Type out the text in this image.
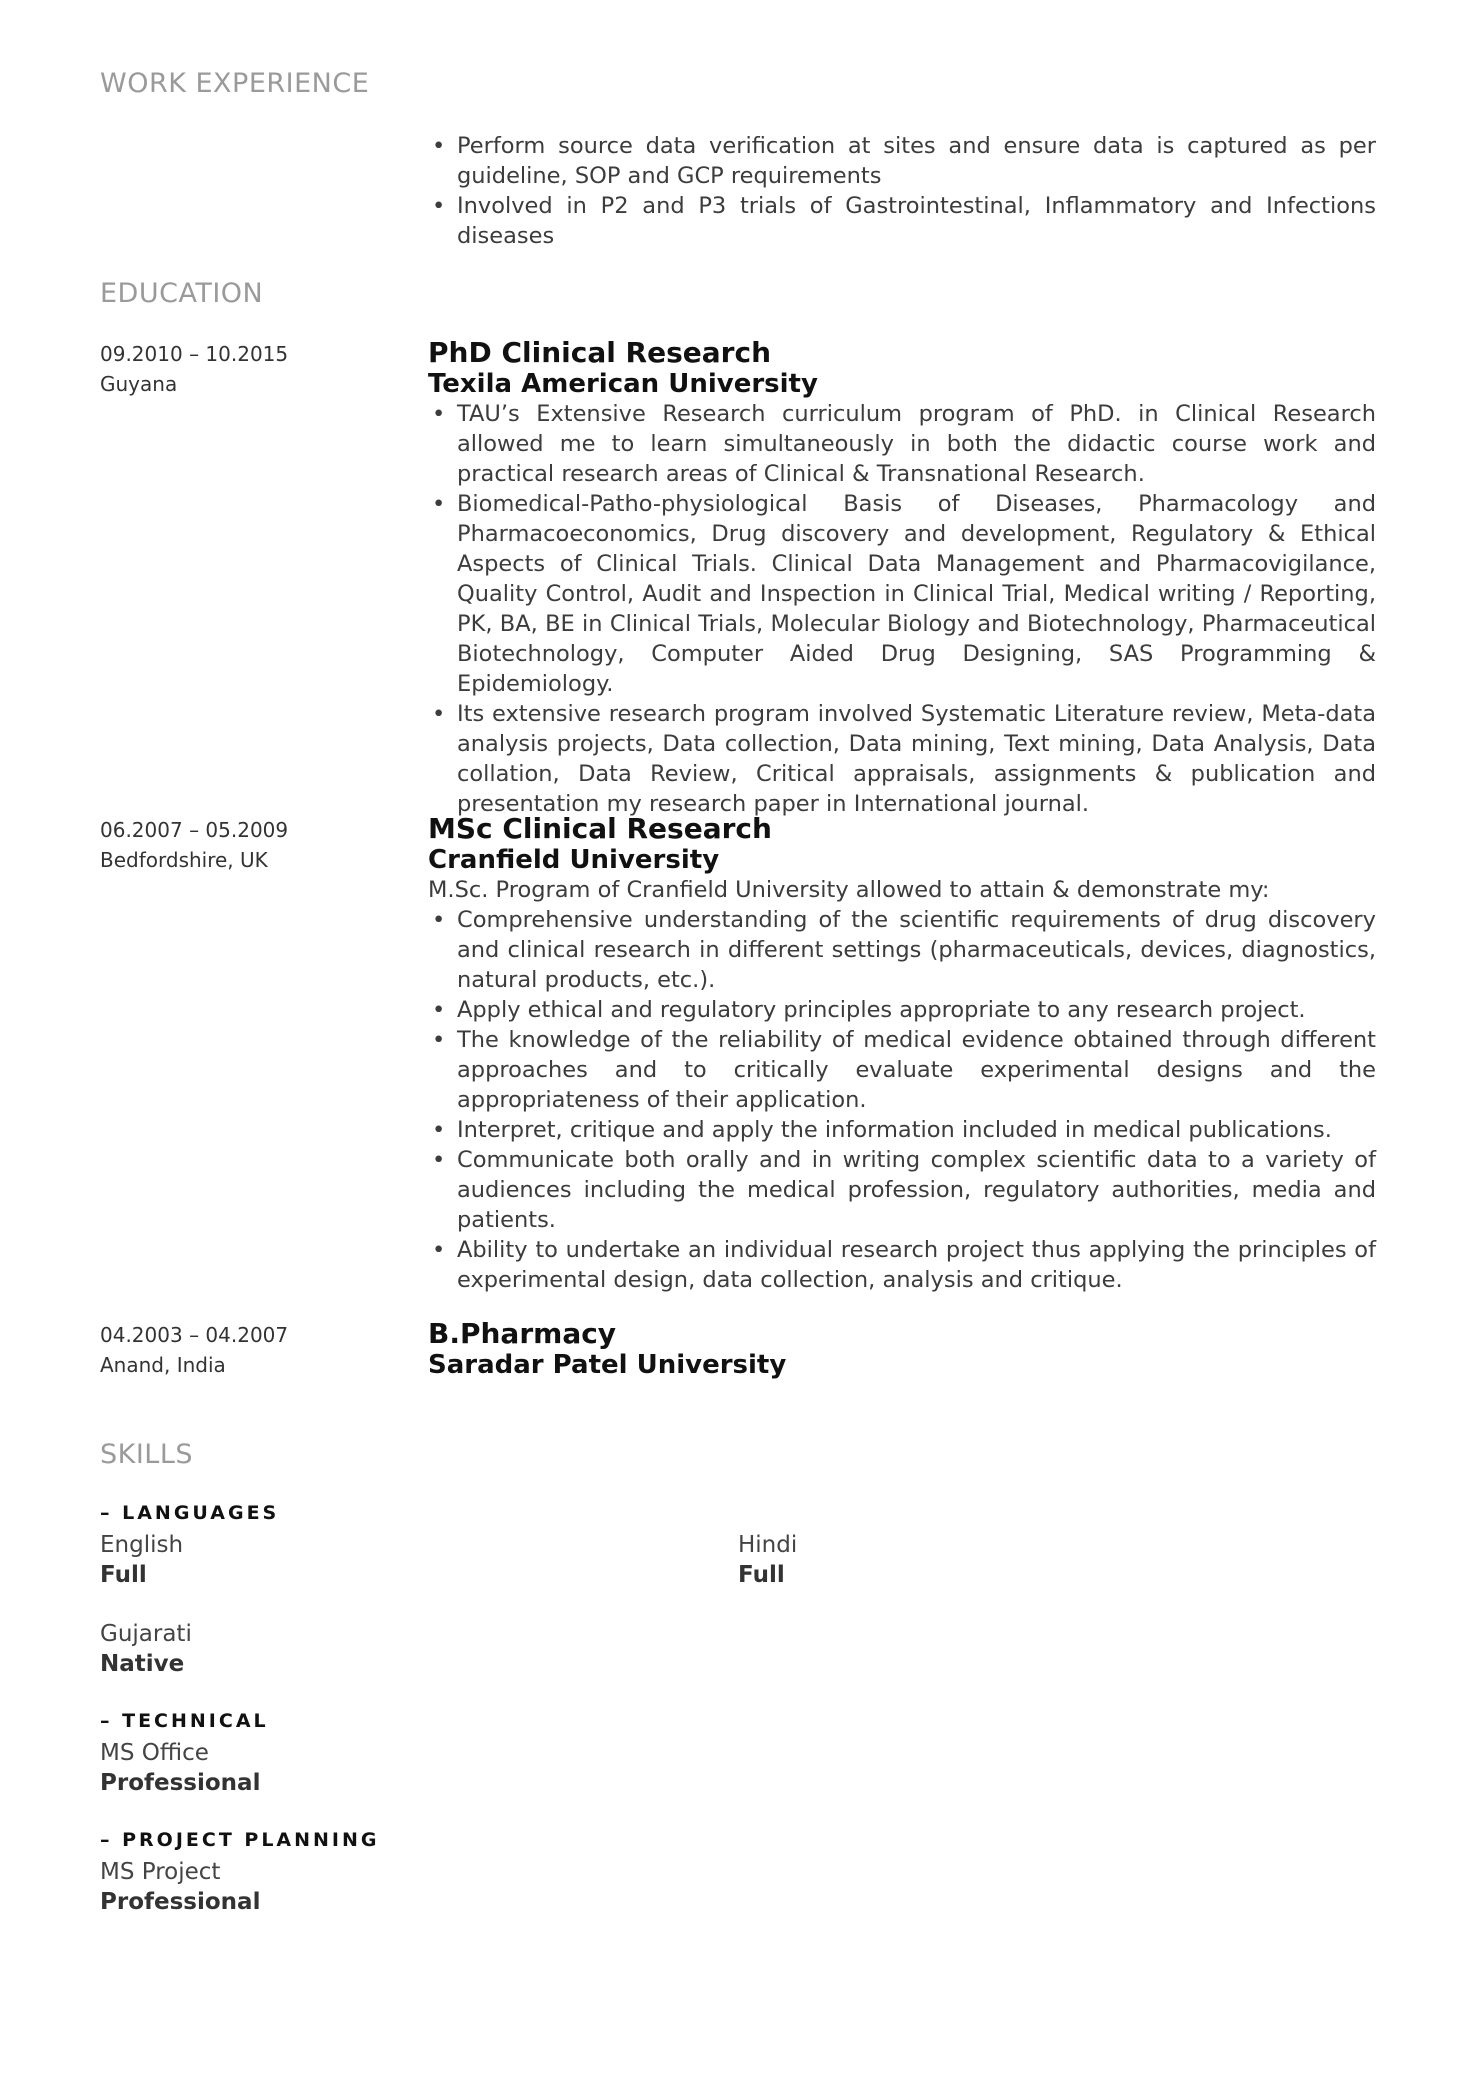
WORK EXPERIENCE
• Perform source data verification at sites and ensure data is captured as per guideline, SOP and GCP requirements
• Involved in P2 and P3 trials of Gastrointestinal, Inflammatory and Infections diseases
EDUCATION
09.2010 – 10.2015
Guyana
PhD Clinical Research
Texila American University
• TAU’s Extensive Research curriculum program of PhD. in Clinical Research allowed me to learn simultaneously in both the didactic course work and practical research areas of Clinical & Transnational Research.
• Biomedical-Patho-physiological Basis of Diseases, Pharmacology and Pharmacoeconomics, Drug discovery and development, Regulatory & Ethical Aspects of Clinical Trials. Clinical Data Management and Pharmacovigilance, Quality Control, Audit and Inspection in Clinical Trial, Medical writing / Reporting, PK, BA, BE in Clinical Trials, Molecular Biology and Biotechnology, Pharmaceutical Biotechnology, Computer Aided Drug Designing, SAS Programming & Epidemiology.
• Its extensive research program involved Systematic Literature review, Meta-data analysis projects, Data collection, Data mining, Text mining, Data Analysis, Data collation, Data Review, Critical appraisals, assignments & publication and presentation my research paper in International journal.
06.2007 – 05.2009
Bedfordshire, UK
MSc Clinical Research
Cranfield University
M.Sc. Program of Cranfield University allowed to attain & demonstrate my:
• Comprehensive understanding of the scientific requirements of drug discovery and clinical research in different settings (pharmaceuticals, devices, diagnostics, natural products, etc.).
• Apply ethical and regulatory principles appropriate to any research project.
• The knowledge of the reliability of medical evidence obtained through different approaches and to critically evaluate experimental designs and the appropriateness of their application.
• Interpret, critique and apply the information included in medical publications.
• Communicate both orally and in writing complex scientific data to a variety of audiences including the medical profession, regulatory authorities, media and patients.
• Ability to undertake an individual research project thus applying the principles of experimental design, data collection, analysis and critique.
04.2003 – 04.2007
Anand, India
B.Pharmacy
Saradar Patel University
SKILLS
– LANGUAGES
English
Full
Hindi
Full
Gujarati
Native
– TECHNICAL
MS Office
Professional
– PROJECT PLANNING
MS Project
Professional
